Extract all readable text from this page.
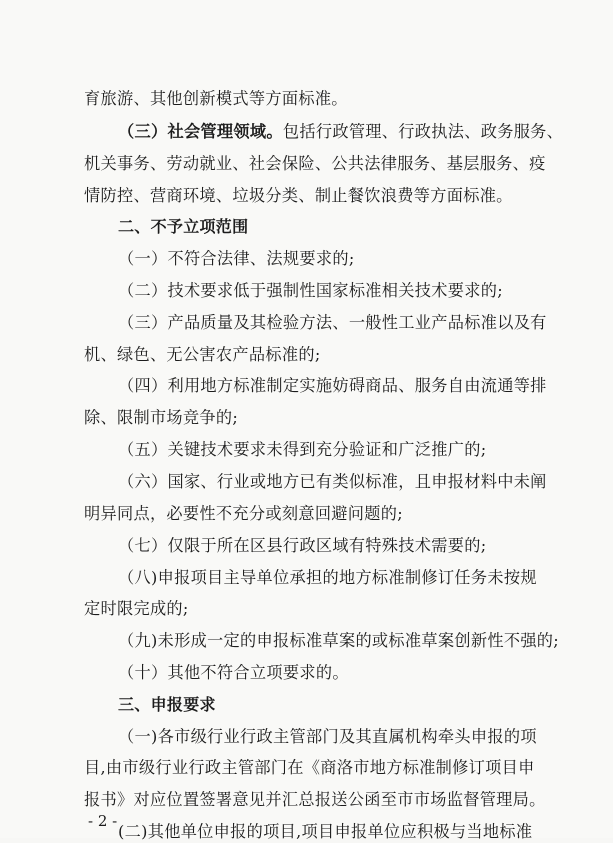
育旅游、其他创新模式等方面标准。
（三）社会管理领域。包括行政管理、行政执法、政务服务、
机关事务、劳动就业、社会保险、公共法律服务、基层服务、疫
情防控、营商环境、垃圾分类、制止餐饮浪费等方面标准。
二、不予立项范围
（一）不符合法律、法规要求的;
（二）技术要求低于强制性国家标准相关技术要求的;
（三）产品质量及其检验方法、一般性工业产品标准以及有
机、绿色、无公害农产品标准的;
（四）利用地方标准制定实施妨碍商品、服务自由流通等排
除、限制市场竞争的;
（五）关键技术要求未得到充分验证和广泛推广的;
（六）国家、行业或地方已有类似标准，且申报材料中未阐
明异同点，必要性不充分或刻意回避问题的;
（七）仅限于所在区县行政区域有特殊技术需要的;
（八)申报项目主导单位承担的地方标准制修订任务未按规
定时限完成的;
（九)未形成一定的申报标准草案的或标准草案创新性不强的;
（十）其他不符合立项要求的。
三、申报要求
（一)各市级行业行政主管部门及其直属机构牵头申报的项
目,由市级行业行政主管部门在《商洛市地方标准制修订项目申
报书》对应位置签署意见并汇总报送公函至市市场监督管理局。
(二)其他单位申报的项目,项目申报单位应积极与当地标准
- 2 -
